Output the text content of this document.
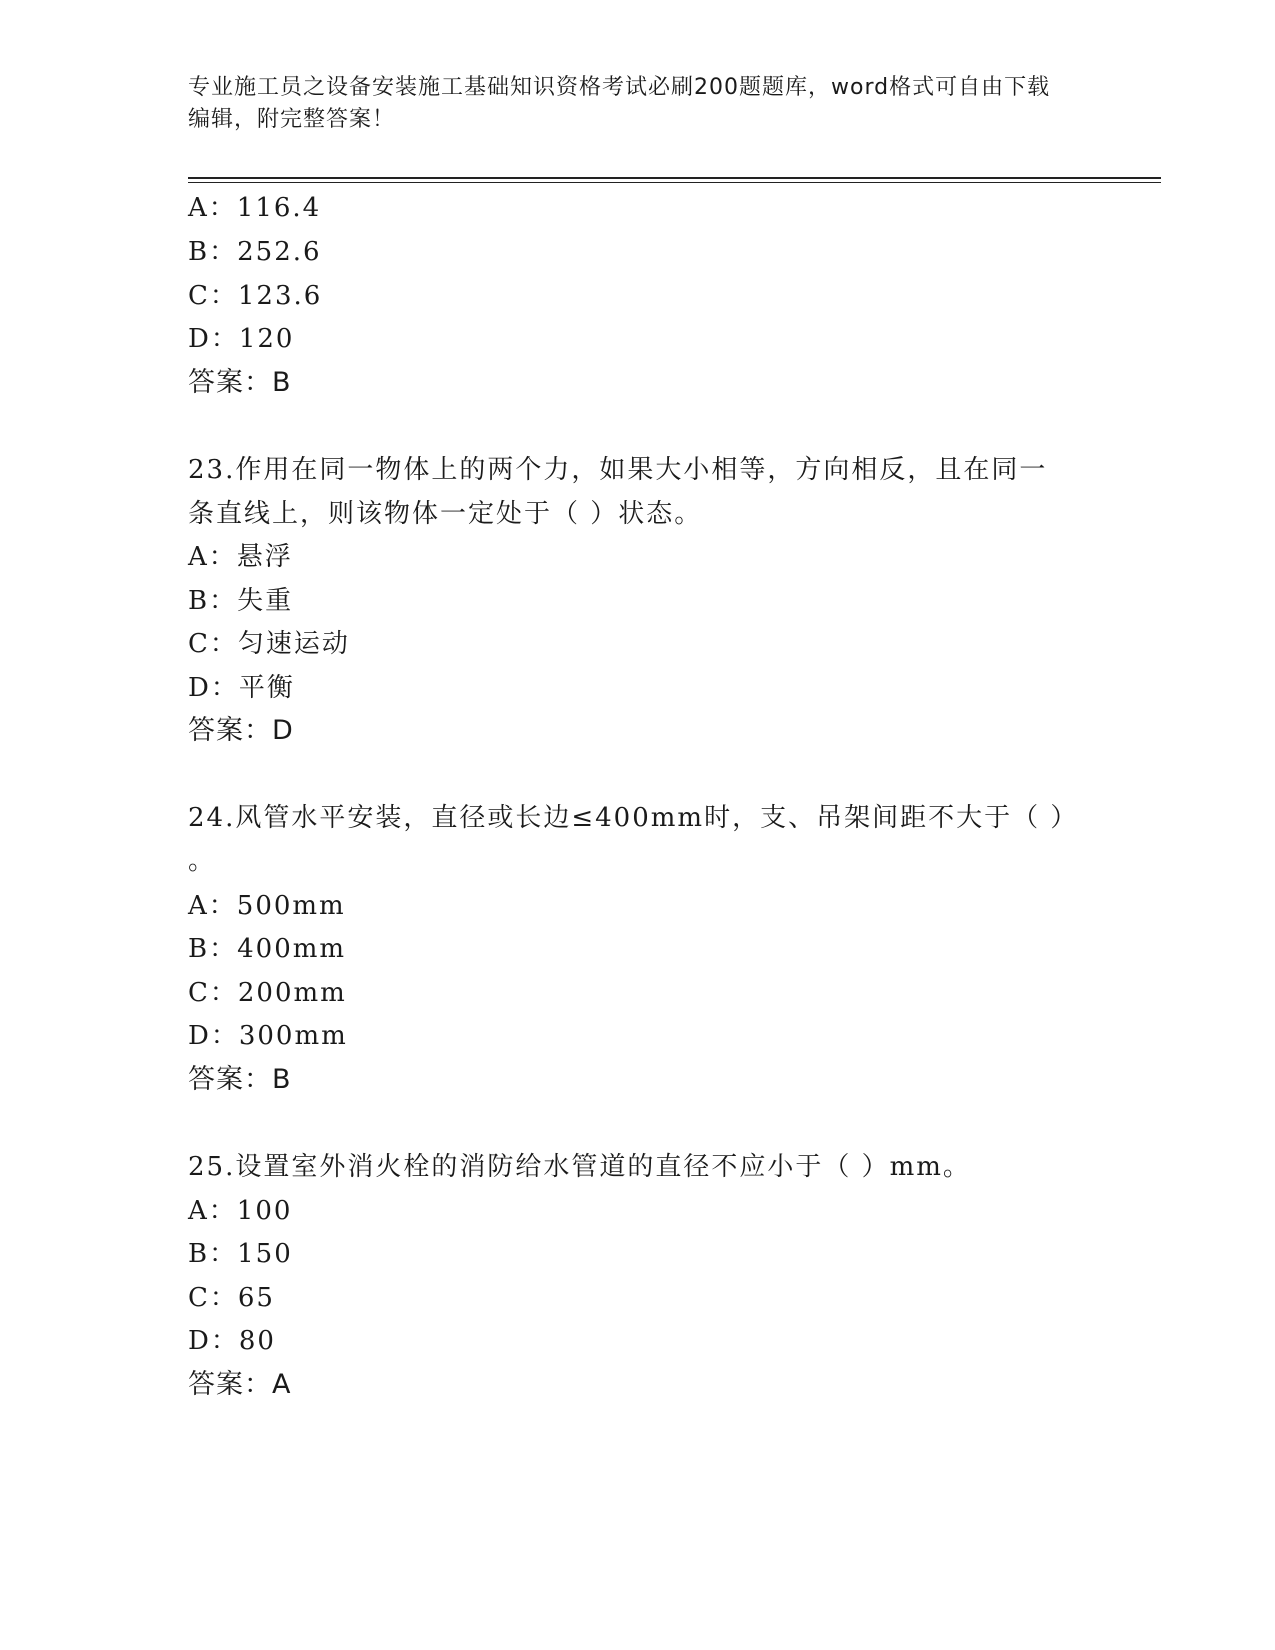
专业施工员之设备安装施工基础知识资格考试必刷200题题库，word格式可自由下载编辑，附完整答案！
A：116.4
B：252.6
C：123.6
D：120
答案：B
23.作用在同一物体上的两个力，如果大小相等，方向相反，且在同一
条直线上，则该物体一定处于（ ）状态。
A：悬浮
B：失重
C：匀速运动
D：平衡
答案：D
24.风管水平安装，直径或长边≤400mm时，支、吊架间距不大于（ ）
。
A：500mm
B：400mm
C：200mm
D：300mm
答案：B
25.设置室外消火栓的消防给水管道的直径不应小于（ ）mm。
A：100
B：150
C：65
D：80
答案：A
